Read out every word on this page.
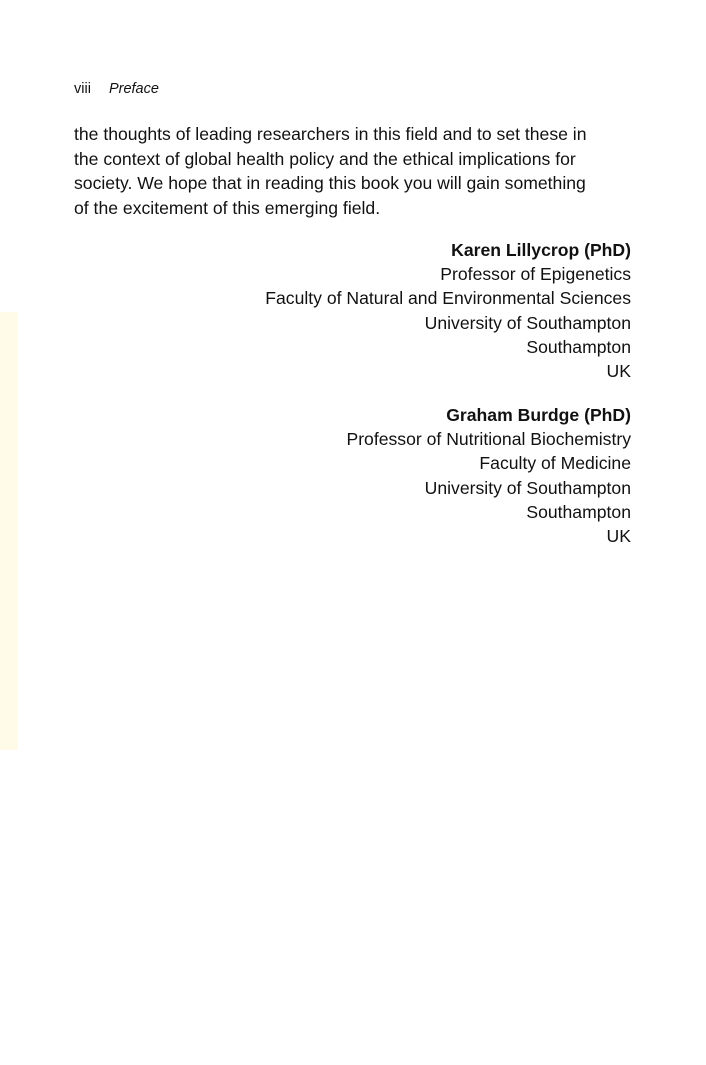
viii Preface

the thoughts of leading researchers in this field and to set these in
the context of global health policy and the ethical implications for
society. We hope that in reading this book you will gain something
of the excitement of this emerging field.

Karen Lillycrop (PhD)
Professor of Epigenetics
Faculty of Natural and Environmental Sciences
University of Southampton
Southampton
UK
Graham Burdge (PhD)
Professor of Nutritional Biochemistry
Faculty of Medicine
University of Southampton
Southampton
UK
